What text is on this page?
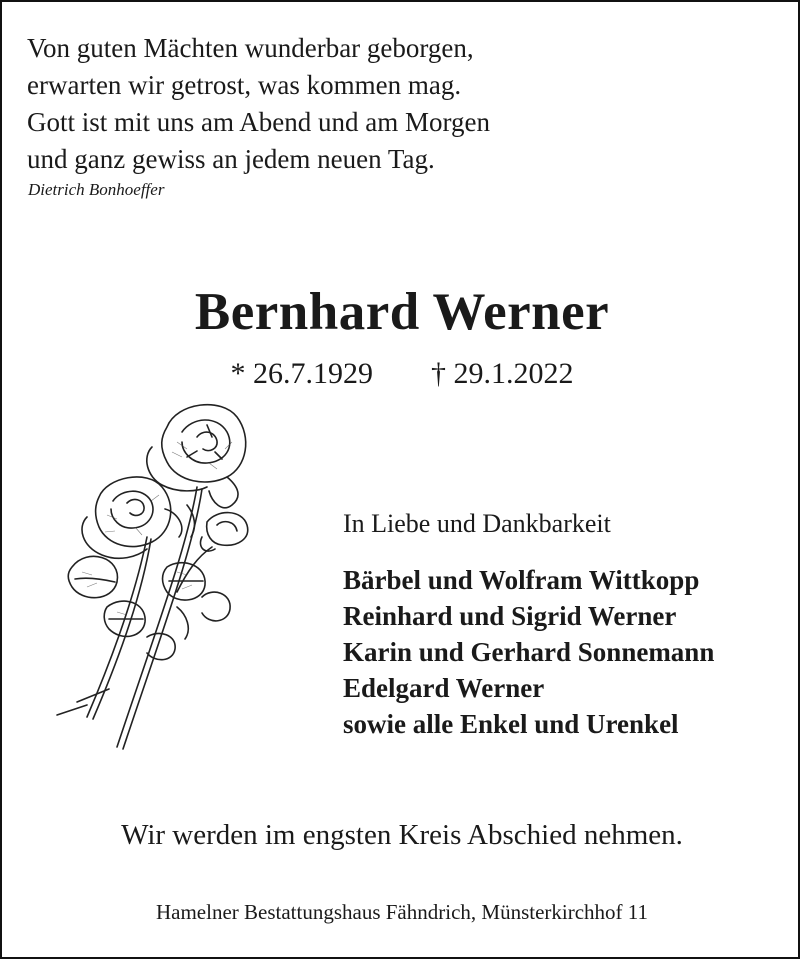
Von guten Mächten wunderbar geborgen,
erwarten wir getrost, was kommen mag.
Gott ist mit uns am Abend und am Morgen
und ganz gewiss an jedem neuen Tag.
Dietrich Bonhoeffer
Bernhard Werner
* 26.7.1929 † 29.1.2022
In Liebe und Dankbarkeit
Bärbel und Wolfram Wittkopp
Reinhard und Sigrid Werner
Karin und Gerhard Sonnemann
Edelgard Werner
sowie alle Enkel und Urenkel
Wir werden im engsten Kreis Abschied nehmen.
Hamelner Bestattungshaus Fähndrich, Münsterkirchhof 11
